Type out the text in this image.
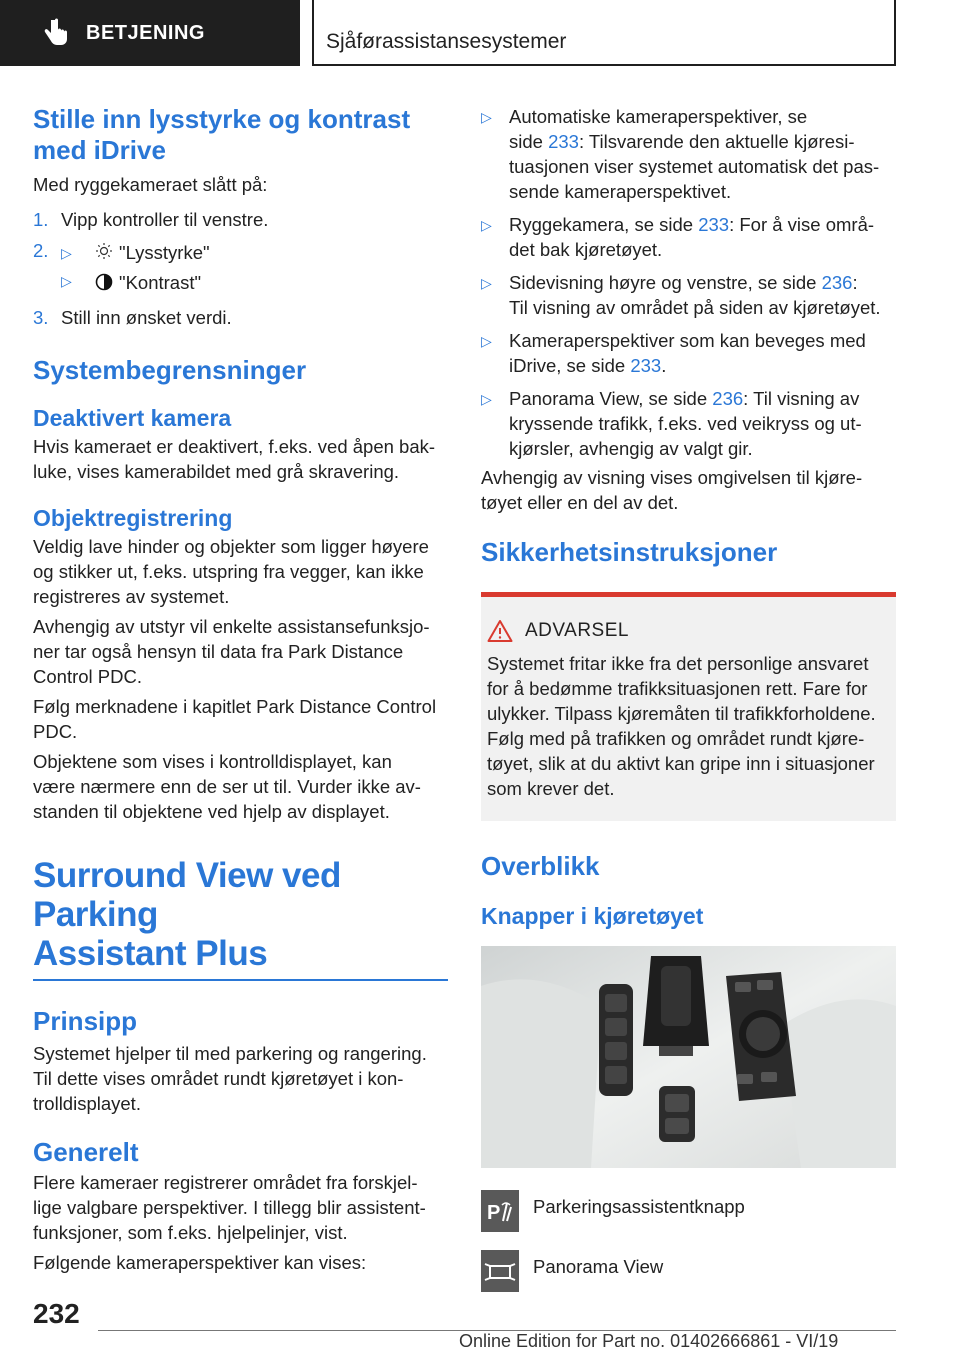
BETJENING	Sjåførassistansesystemer
Stille inn lysstyrke og kontrast
med iDrive
Med ryggekameraet slått på:
1. Vipp kontroller til venstre.
2. ▷	"Lysstyrke"
▷	"Kontrast"
3. Still inn ønsket verdi.
Systembegrensninger
Deaktivert kamera
Hvis kameraet er deaktivert, f.eks. ved åpen bak-
luke, vises kamerabildet med grå skravering.
Objektregistrering
Veldig lave hinder og objekter som ligger høyere
og stikker ut, f.eks. utspring fra vegger, kan ikke
registreres av systemet.
Avhengig av utstyr vil enkelte assistansefunksjo-
ner tar også hensyn til data fra Park Distance
Control PDC.
Følg merknadene i kapitlet Park Distance Control
PDC.
Objektene som vises i kontrolldisplayet, kan
være nærmere enn de ser ut til. Vurder ikke av-
standen til objektene ved hjelp av displayet.
Surround View ved Parking
Assistant Plus
Prinsipp
Systemet hjelper til med parkering og rangering.
Til dette vises området rundt kjøretøyet i kon-
trolldisplayet.
Generelt
Flere kameraer registrerer området fra forskjel-
lige valgbare perspektiver. I tillegg blir assistent-
funksjoner, som f.eks. hjelpelinjer, vist.
Følgende kameraperspektiver kan vises:
▷ Automatiske kameraperspektiver, se
side 233: Tilsvarende den aktuelle kjøresi-
tuasjonen viser systemet automatisk det pas-
sende kameraperspektivet.
▷ Ryggekamera, se side 233: For å vise områ-
det bak kjøretøyet.
▷ Sidevisning høyre og venstre, se side 236:
Til visning av området på siden av kjøretøyet.
▷ Kameraperspektiver som kan beveges med
iDrive, se side 233.
▷ Panorama View, se side 236: Til visning av
kryssende trafikk, f.eks. ved veikryss og ut-
kjørsler, avhengig av valgt gir.
Avhengig av visning vises omgivelsen til kjøre-
tøyet eller en del av det.
Sikkerhetsinstruksjoner
ADVARSEL
Systemet fritar ikke fra det personlige ansvaret
for å bedømme trafikksituasjonen rett. Fare for
ulykker. Tilpass kjøremåten til trafikkforholdene.
Følg med på trafikken og området rundt kjøre-
tøyet, slik at du aktivt kan gripe inn i situasjoner
som krever det.
Overblikk
Knapper i kjøretøyet
P Parkeringsassistentknapp
Panorama View
232
Online Edition for Part no. 01402666861 - VI/19
